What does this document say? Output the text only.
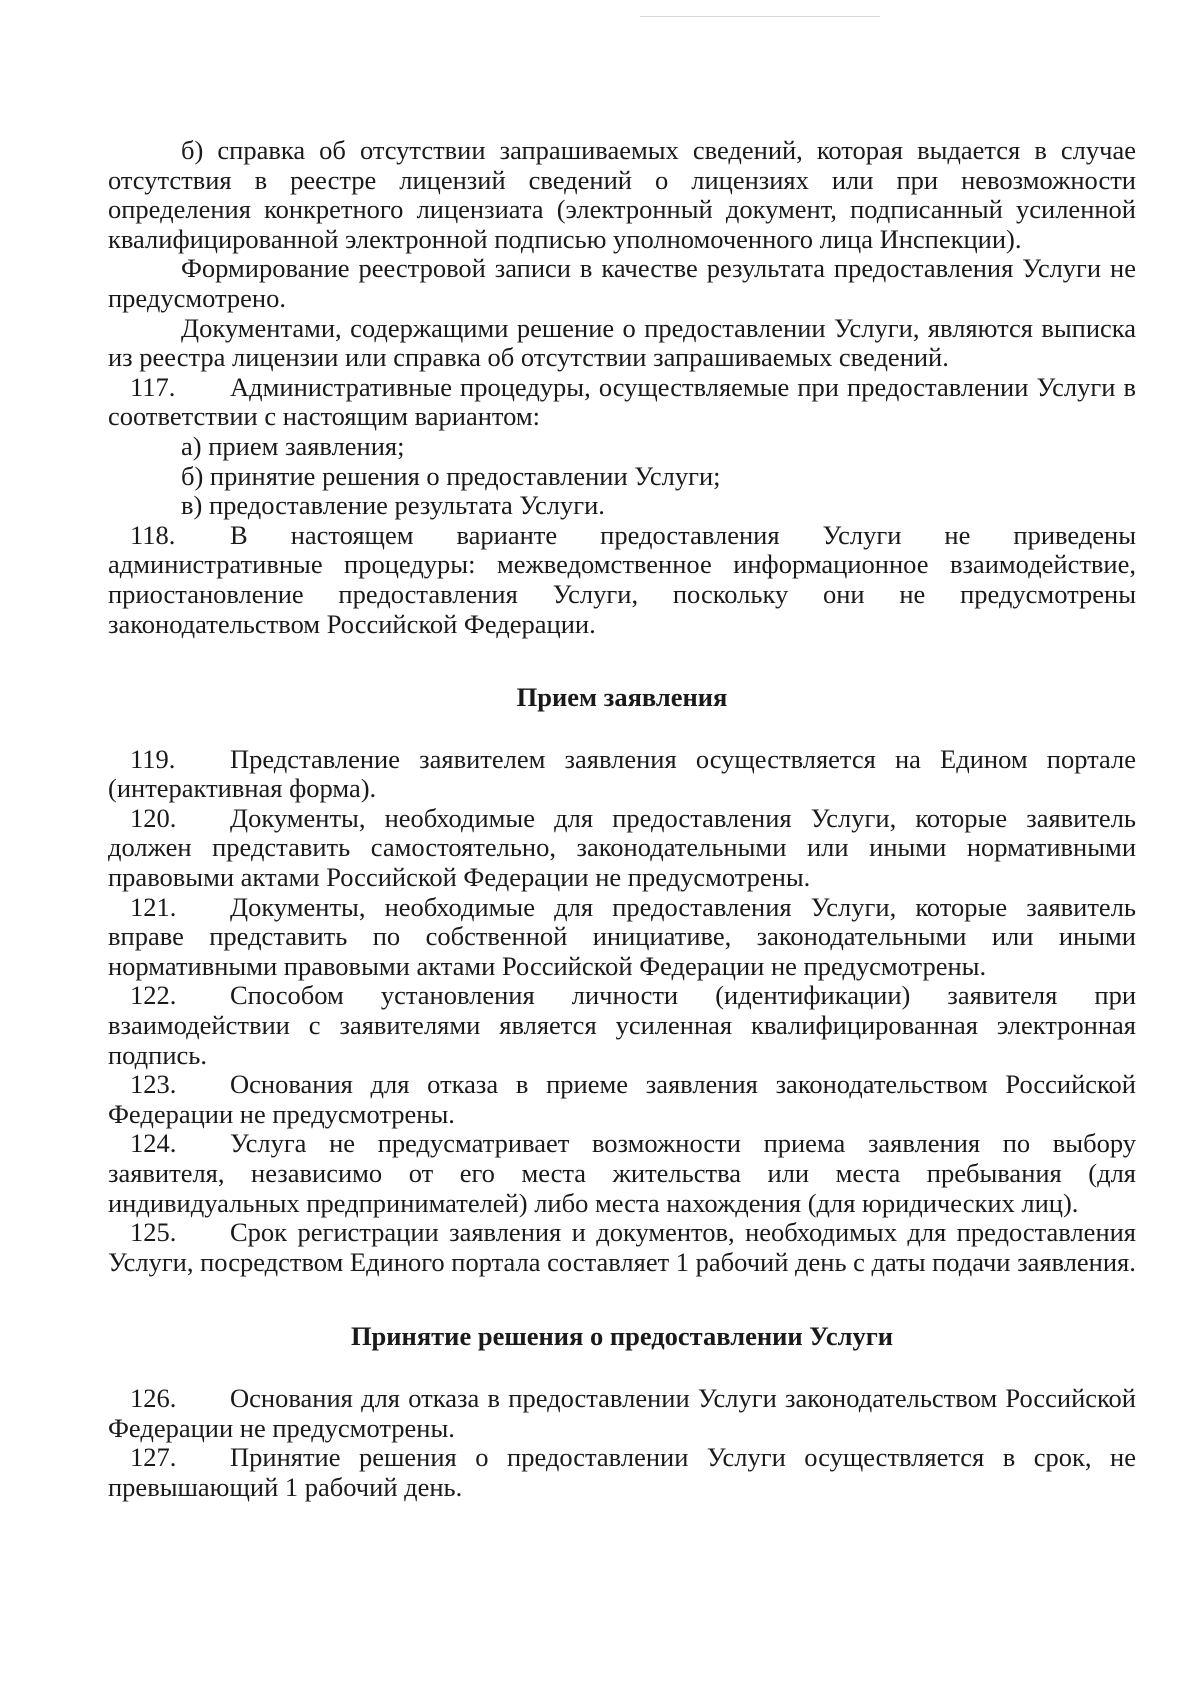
б) справка об отсутствии запрашиваемых сведений, которая выдается в случае отсутствия в реестре лицензий сведений о лицензиях или при невозможности определения конкретного лицензиата (электронный документ, подписанный усиленной квалифицированной электронной подписью уполномоченного лица Инспекции).

Формирование реестровой записи в качестве результата предоставления Услуги не предусмотрено.

Документами, содержащими решение о предоставлении Услуги, являются выписка из реестра лицензии или справка об отсутствии запрашиваемых сведений.

117. Административные процедуры, осуществляемые при предоставлении Услуги в соответствии с настоящим вариантом:

а) прием заявления;

б) принятие решения о предоставлении Услуги;

в) предоставление результата Услуги.

118. В настоящем варианте предоставления Услуги не приведены административные процедуры: межведомственное информационное взаимодействие, приостановление предоставления Услуги, поскольку они не предусмотрены законодательством Российской Федерации.

Прием заявления

119. Представление заявителем заявления осуществляется на Едином портале (интерактивная форма).

120. Документы, необходимые для предоставления Услуги, которые заявитель должен представить самостоятельно, законодательными или иными нормативными правовыми актами Российской Федерации не предусмотрены.

121. Документы, необходимые для предоставления Услуги, которые заявитель вправе представить по собственной инициативе, законодательными или иными нормативными правовыми актами Российской Федерации не предусмотрены.

122. Способом установления личности (идентификации) заявителя при взаимодействии с заявителями является усиленная квалифицированная электронная подпись.

123. Основания для отказа в приеме заявления законодательством Российской Федерации не предусмотрены.

124. Услуга не предусматривает возможности приема заявления по выбору заявителя, независимо от его места жительства или места пребывания (для индивидуальных предпринимателей) либо места нахождения (для юридических лиц).

125. Срок регистрации заявления и документов, необходимых для предоставления Услуги, посредством Единого портала составляет 1 рабочий день с даты подачи заявления.

Принятие решения о предоставлении Услуги

126. Основания для отказа в предоставлении Услуги законодательством Российской Федерации не предусмотрены.

127. Принятие решения о предоставлении Услуги осуществляется в срок, не превышающий 1 рабочий день.
